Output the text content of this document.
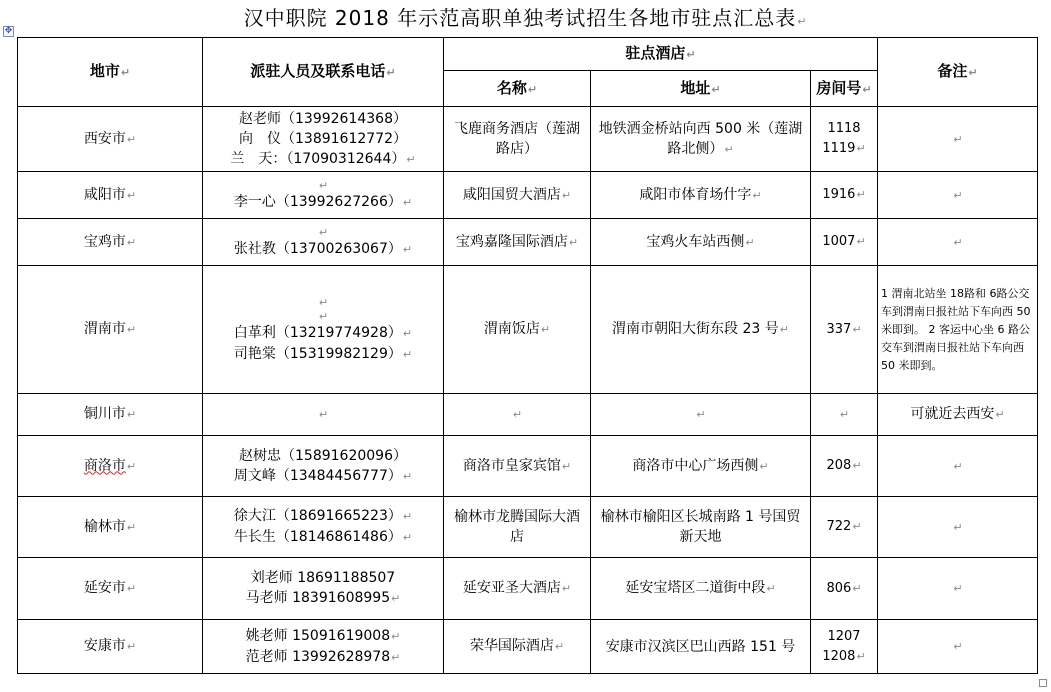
汉中职院 2018 年示范高职单独考试招生各地市驻点汇总表↵
✥
地市↵	派驻人员及联系电话↵	驻点酒店↵			备注↵
		名称↵	地址↵	房间号↵	
西安市↵	赵老师（13992614368）
向　仪（13891612772）
兰　天：（17090312644）↵	飞鹿商务酒店（莲湖路店）	地铁洒金桥站向西 500 米（莲湖路北侧）↵	1118
1119↵	↵
咸阳市↵	↵
李一心（13992627266）↵	咸阳国贸大酒店↵	咸阳市体育场什字↵	1916↵	↵
宝鸡市↵	↵
张社教（13700263067）↵	宝鸡嘉隆国际酒店↵	宝鸡火车站西侧↵	1007↵	↵
渭南市↵	↵
↵
白革利（13219774928）↵
司艳棠（15319982129）↵	渭南饭店↵	渭南市朝阳大街东段 23 号↵	337↵	1 渭南北站坐 18路和 6路公交车到渭南日报社站下车向西 50 米即到。 2 客运中心坐 6 路公交车到渭南日报社站下车向西 50 米即到。
铜川市↵	↵	↵	↵	↵	可就近去西安↵
商洛市↵	赵树忠（15891620096）
周文峰（13484456777）↵	商洛市皇家宾馆↵	商洛市中心广场西侧↵	208↵	↵
榆林市↵	徐大江（18691665223）↵
牛长生（18146861486）↵	榆林市龙腾国际大酒店	榆林市榆阳区长城南路 1 号国贸新天地	722↵	↵
延安市↵	刘老师 18691188507
马老师 18391608995↵	延安亚圣大酒店↵	延安宝塔区二道街中段↵	806↵	↵
安康市↵	姚老师 15091619008↵
范老师 13992628978↵	荣华国际酒店↵	安康市汉滨区巴山西路 151 号	1207
1208↵	↵
